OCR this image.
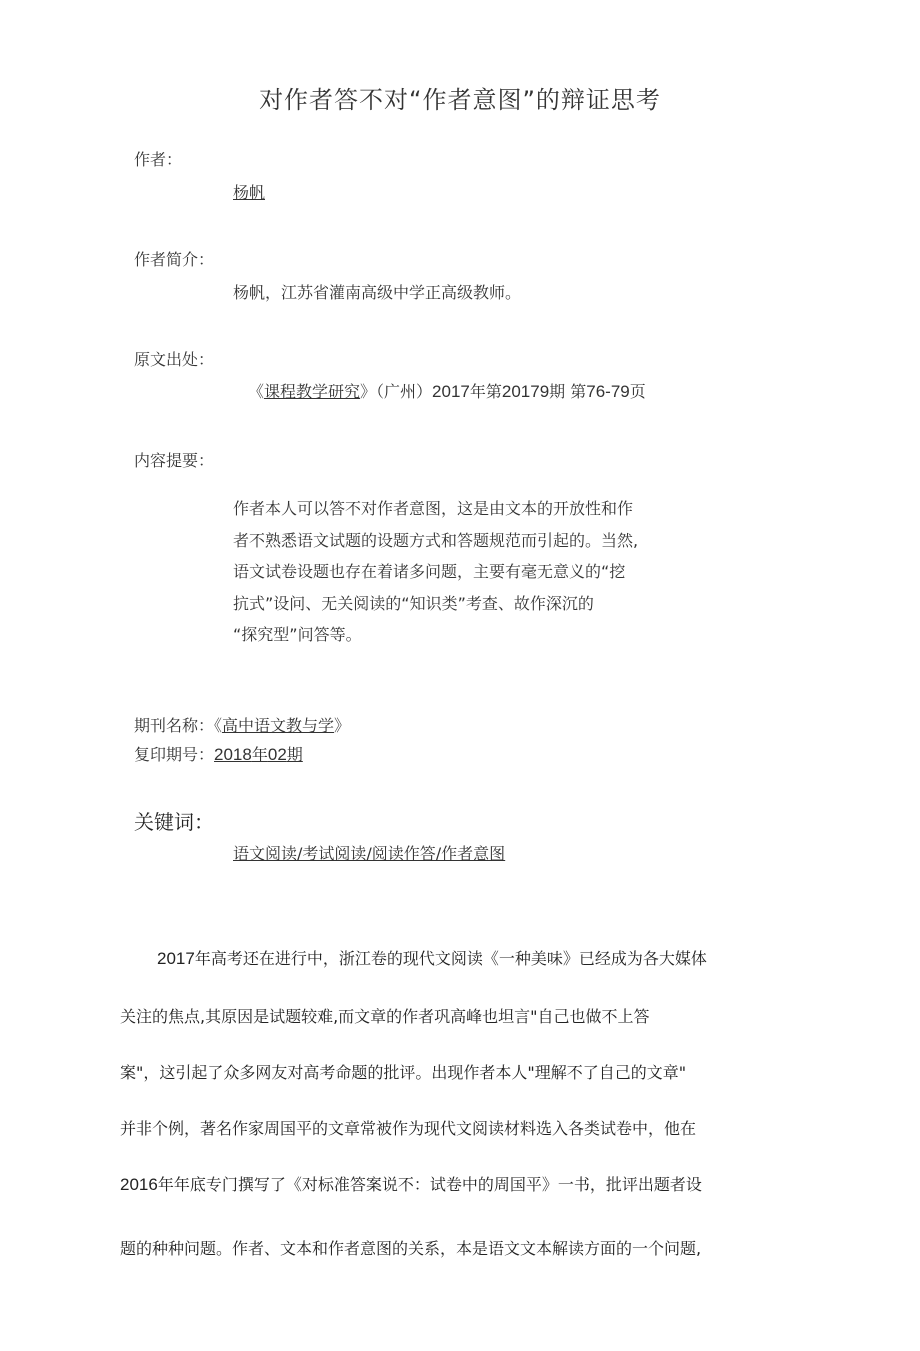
对作者答不对“作者意图”的辩证思考
作者：
杨帆
作者简介：
杨帆，江苏省灌南高级中学正高级教师。
原文出处：
《课程教学研究》（广州）2017年第20179期 第76-79页
内容提要：
作者本人可以答不对作者意图，这是由文本的开放性和作
者不熟悉语文试题的设题方式和答题规范而引起的。当然,
语文试卷设题也存在着诸多问题，主要有毫无意义的“挖
抗式”设问、无关阅读的“知识类”考查、故作深沉的
“探究型”问答等。
期刊名称：《高中语文教与学》
复印期号：2018年02期
关键词：
语文阅读/考试阅读/阅读作答/作者意图
2017年高考还在进行中，浙江卷的现代文阅读《一种美味》已经成为各大媒体
关注的焦点,其原因是试题较难,而文章的作者巩高峰也坦言"自己也做不上答
案"，这引起了众多网友对高考命题的批评。出现作者本人"理解不了自己的文章"
并非个例，著名作家周国平的文章常被作为现代文阅读材料选入各类试卷中，他在
2016年年底专门撰写了《对标准答案说不：试卷中的周国平》一书，批评出题者设
题的种种问题。作者、文本和作者意图的关系，本是语文文本解读方面的一个问题,
